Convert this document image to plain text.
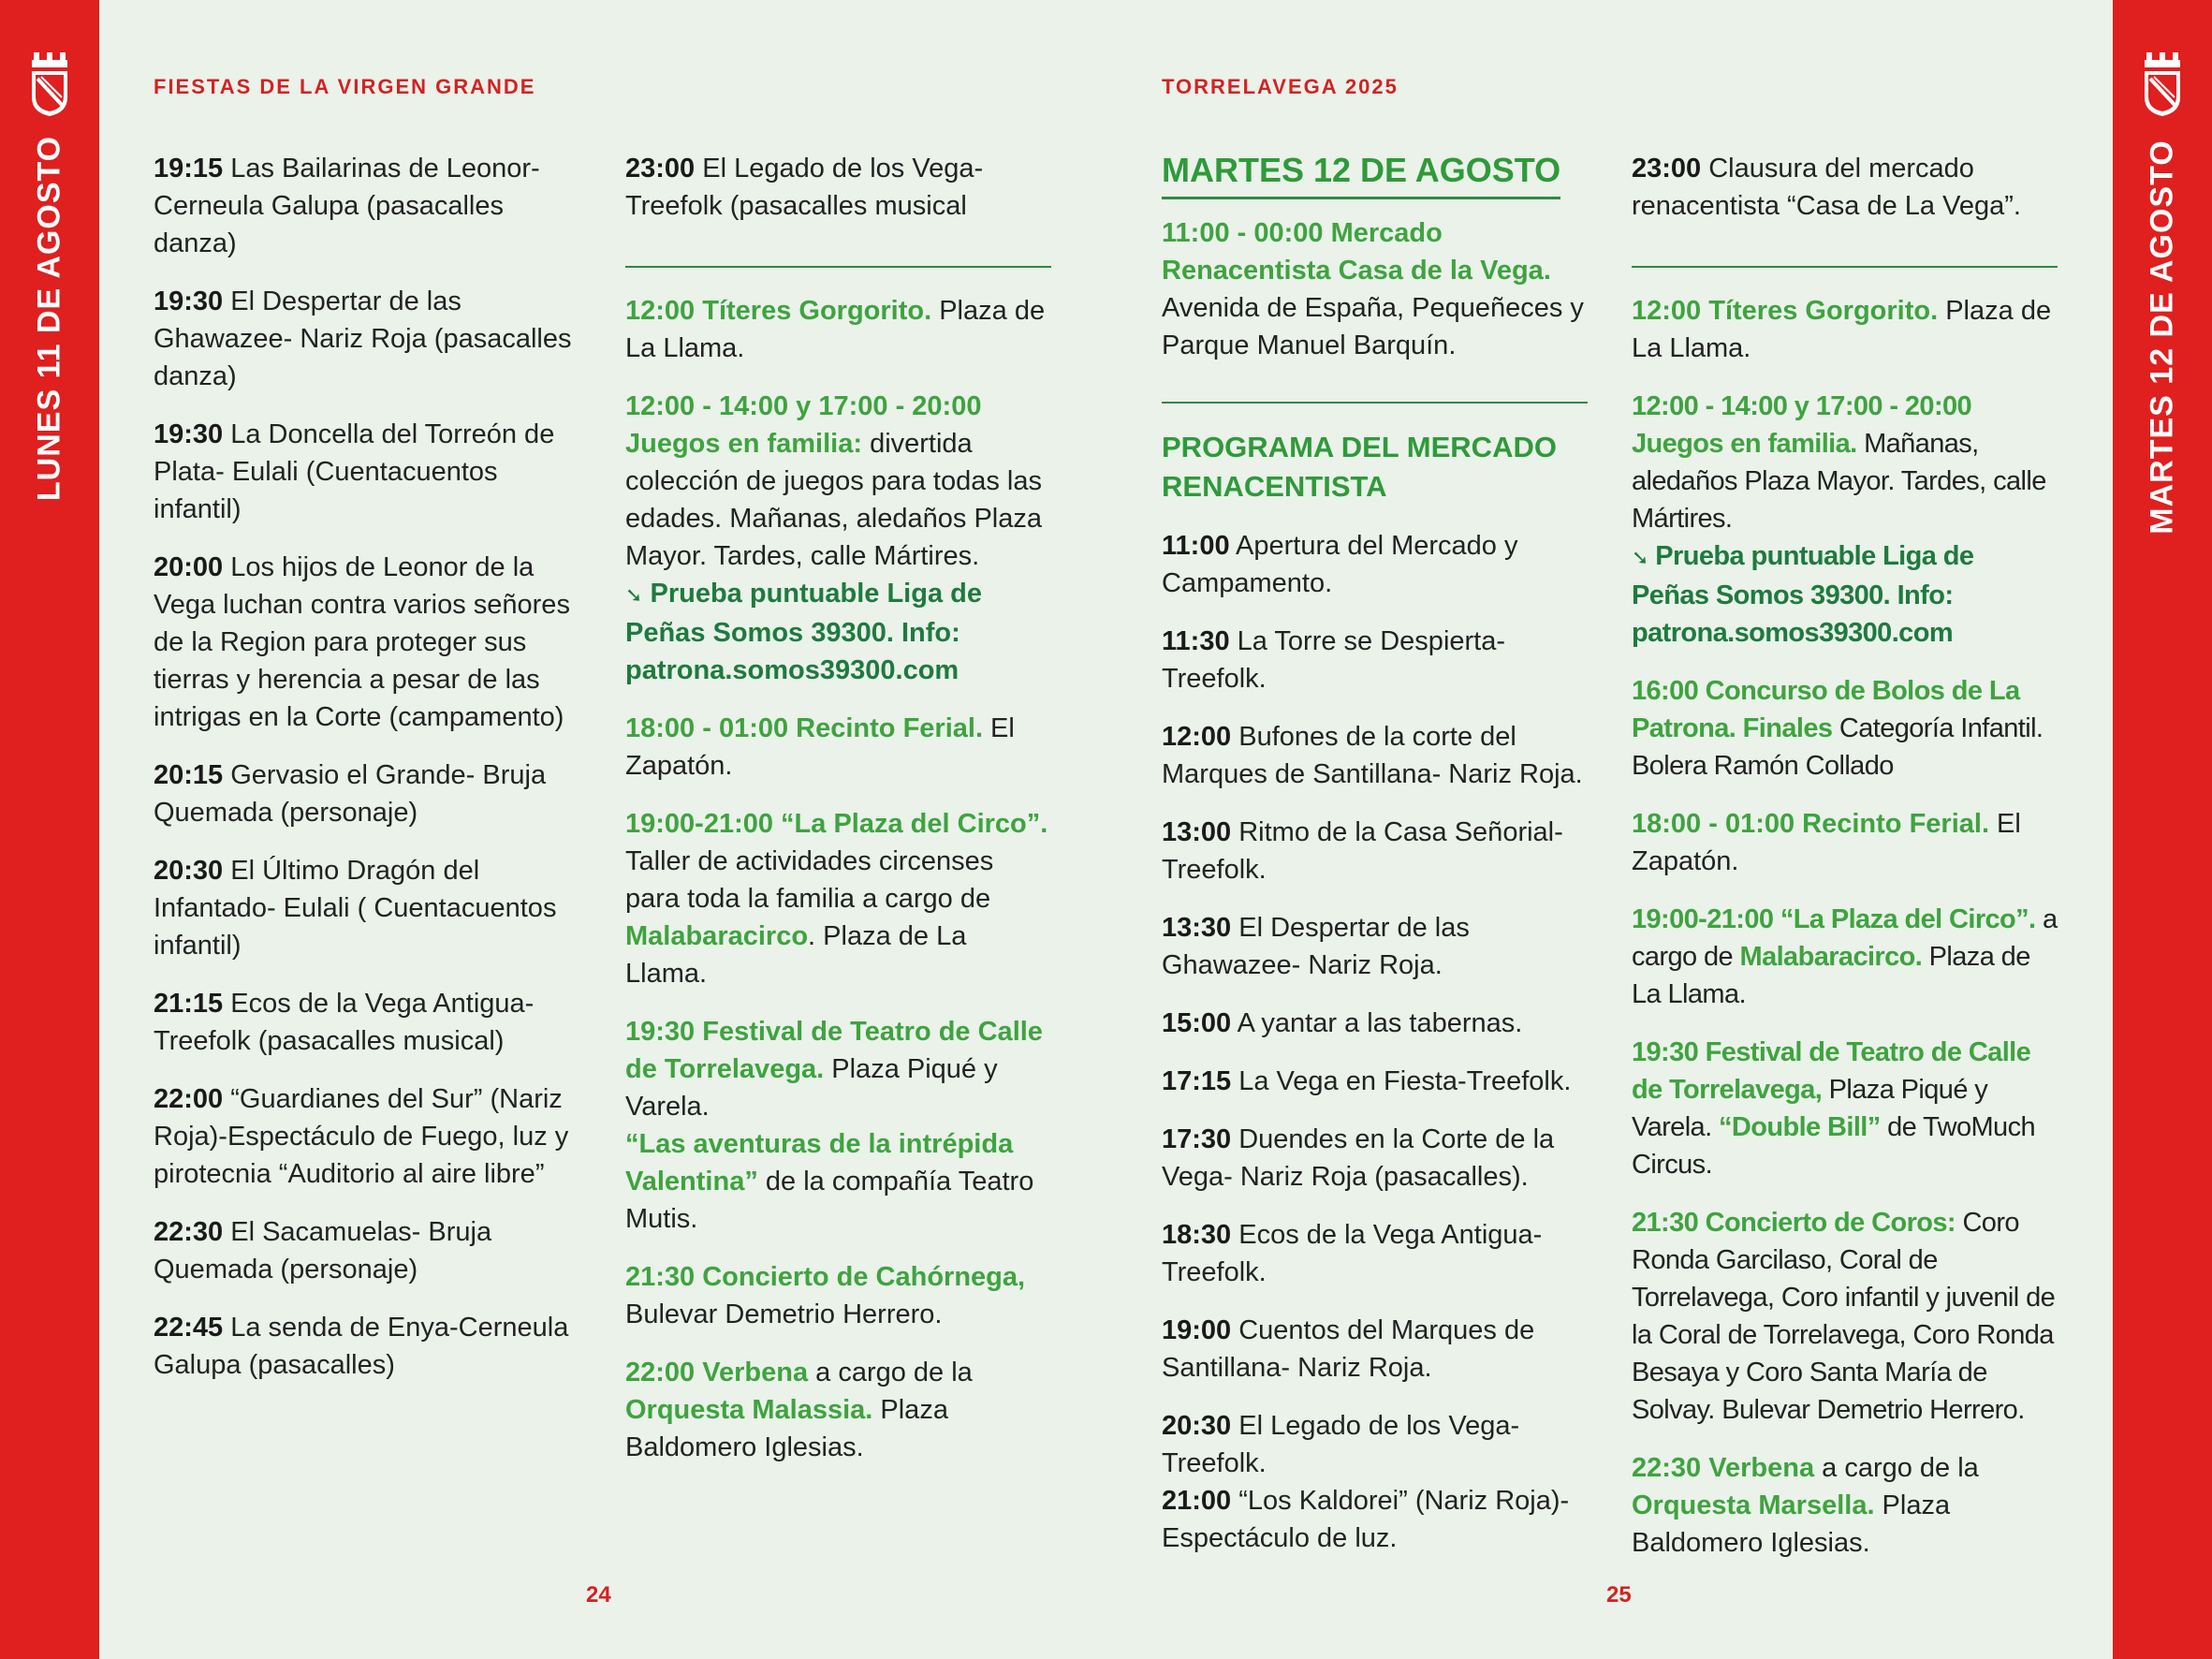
LUNES 11 DE AGOSTO	MARTES 12 DE AGOSTO
FIESTAS DE LA VIRGEN GRANDE	TORRELAVEGA 2025

19:15 Las Bailarinas de Leonor-Cerneula Galupa (pasacalles danza)

19:30 El Despertar de las Ghawazee- Nariz Roja (pasacalles danza)

19:30 La Doncella del Torreón de Plata- Eulali (Cuentacuentos infantil)

20:00 Los hijos de Leonor de la Vega luchan contra varios señores de la Region para proteger sus tierras y herencia a pesar de las intrigas en la Corte (campamento)

20:15 Gervasio el Grande- Bruja Quemada (personaje)

20:30 El Último Dragón del Infantado- Eulali ( Cuentacuentos infantil)

21:15 Ecos de la Vega Antigua-Treefolk (pasacalles musical)

22:00 “Guardianes del Sur” (Nariz Roja)-Espectáculo de Fuego, luz y pirotecnia “Auditorio al aire libre”

22:30 El Sacamuelas- Bruja Quemada (personaje)

22:45 La senda de Enya-Cerneula Galupa (pasacalles)

23:00 El Legado de los Vega-Treefolk (pasacalles musical

12:00 Títeres Gorgorito. Plaza de La Llama.

12:00 - 14:00 y 17:00 - 20:00 Juegos en familia: divertida colección de juegos para todas las edades. Mañanas, aledaños Plaza Mayor. Tardes, calle Mártires.
➘ Prueba puntuable Liga de Peñas Somos 39300. Info: patrona.somos39300.com

18:00 - 01:00 Recinto Ferial. El Zapatón.

19:00-21:00 “La Plaza del Circo”. Taller de actividades circenses para toda la familia a cargo de Malabaracirco. Plaza de La Llama.

19:30 Festival de Teatro de Calle de Torrelavega. Plaza Piqué y Varela.
“Las aventuras de la intrépida Valentina” de la compañía Teatro Mutis.

21:30 Concierto de Cahórnega, Bulevar Demetrio Herrero.

22:00 Verbena a cargo de la Orquesta Malassia. Plaza Baldomero Iglesias.

MARTES 12 DE AGOSTO

11:00 - 00:00 Mercado Renacentista Casa de la Vega. Avenida de España, Pequeñeces y Parque Manuel Barquín.

PROGRAMA DEL MERCADO RENACENTISTA

11:00 Apertura del Mercado y Campamento.

11:30 La Torre se Despierta-Treefolk.

12:00 Bufones de la corte del Marques de Santillana- Nariz Roja.

13:00 Ritmo de la Casa Señorial-Treefolk.

13:30 El Despertar de las Ghawazee- Nariz Roja.

15:00 A yantar a las tabernas.

17:15 La Vega en Fiesta-Treefolk.

17:30 Duendes en la Corte de la Vega- Nariz Roja (pasacalles).

18:30 Ecos de la Vega Antigua-Treefolk.

19:00 Cuentos del Marques de Santillana- Nariz Roja.

20:30 El Legado de los Vega-Treefolk.
21:00 “Los Kaldorei” (Nariz Roja)-Espectáculo de luz.

23:00 Clausura del mercado renacentista “Casa de La Vega”.

12:00 Títeres Gorgorito. Plaza de La Llama.

12:00 - 14:00 y 17:00 - 20:00 Juegos en familia. Mañanas, aledaños Plaza Mayor. Tardes, calle Mártires.
➘ Prueba puntuable Liga de Peñas Somos 39300. Info: patrona.somos39300.com

16:00 Concurso de Bolos de La Patrona. Finales Categoría Infantil. Bolera Ramón Collado

18:00 - 01:00 Recinto Ferial. El Zapatón.

19:00-21:00 “La Plaza del Circo”. a cargo de Malabaracirco. Plaza de La Llama.

19:30 Festival de Teatro de Calle de Torrelavega, Plaza Piqué y Varela. “Double Bill” de TwoMuch Circus.

21:30 Concierto de Coros: Coro Ronda Garcilaso, Coral de Torrelavega, Coro infantil y juvenil de la Coral de Torrelavega, Coro Ronda Besaya y Coro Santa María de Solvay. Bulevar Demetrio Herrero.

22:30 Verbena a cargo de la Orquesta Marsella. Plaza Baldomero Iglesias.

24	25
